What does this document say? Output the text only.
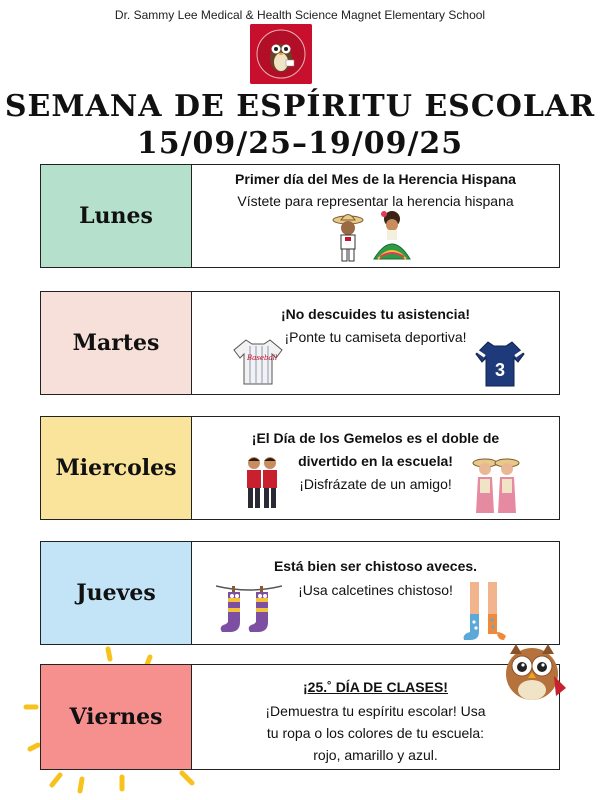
Dr. Sammy Lee Medical & Health Science Magnet Elementary School
SEMANA DE ESPÍRITU ESCOLAR
15/09/25–19/09/25
Lunes
Primer día del Mes de la Herencia Hispana
Vístete para representar la herencia hispana
Martes
¡No descuides tu asistencia!
¡Ponte tu camiseta deportiva!
Baseball
3
Miercoles
¡El Día de los Gemelos es el doble de
divertido en la escuela!
¡Disfrázate de un amigo!
Jueves
Está bien ser chistoso aveces.
¡Usa calcetines chistoso!
Viernes
¡25.˚ DÍA DE CLASES!
¡Demuestra tu espíritu escolar! Usa
tu ropa o los colores de tu escuela:
rojo, amarillo y azul.
